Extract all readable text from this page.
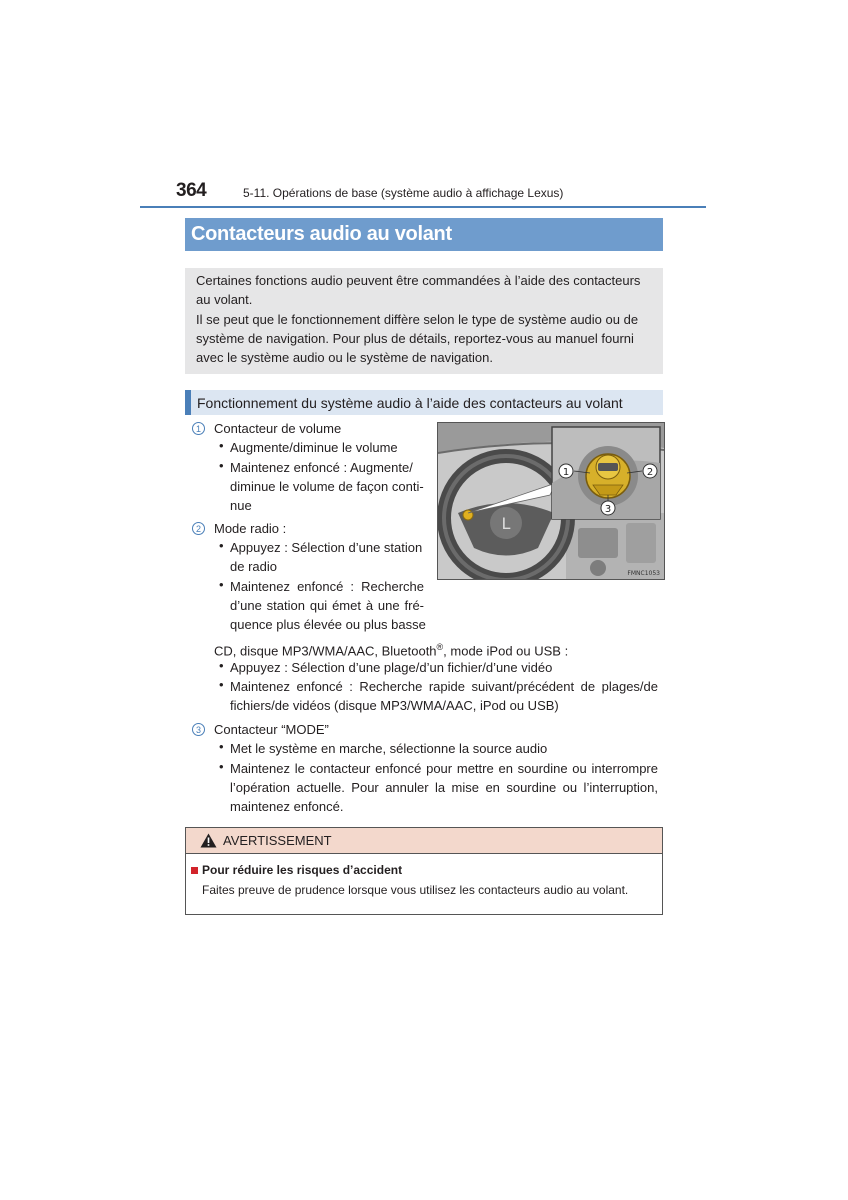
364	5-11. Opérations de base (système audio à affichage Lexus)
Contacteurs audio au volant

Certaines fonctions audio peuvent être commandées à l’aide des contacteurs

au volant.

Il se peut que le fonctionnement diffère selon le type de système audio ou de

système de navigation. Pour plus de détails, reportez-vous au manuel fourni

avec le système audio ou le système de navigation.

Fonctionnement du système audio à l’aide des contacteurs au volant
1	Contacteur de volume
• Augmente/diminue le volume
• Maintenez enfoncé : Augmente/
diminue le volume de façon conti-
nue
2	Mode radio :
• Appuyez : Sélection d’une station
de radio
• Maintenez enfoncé : Recherche
d’une station qui émet à une fré-
quence plus élevée ou plus basse
CD, disque MP3/WMA/AAC, Bluetooth®, mode iPod ou USB :
• Appuyez : Sélection d’une plage/d’un fichier/d’une vidéo
• Maintenez enfoncé : Recherche rapide suivant/précédent de plages/de
fichiers/de vidéos (disque MP3/WMA/AAC, iPod ou USB)
3	Contacteur “MODE”
• Met le système en marche, sélectionne la source audio
• Maintenez le contacteur enfoncé pour mettre en sourdine ou interrompre
l’opération actuelle. Pour annuler la mise en sourdine ou l’interruption,
maintenez enfoncé.
L
1	2
3
FMNC1053
AVERTISSEMENT
Pour réduire les risques d’accident
Faites preuve de prudence lorsque vous utilisez les contacteurs audio au volant.
